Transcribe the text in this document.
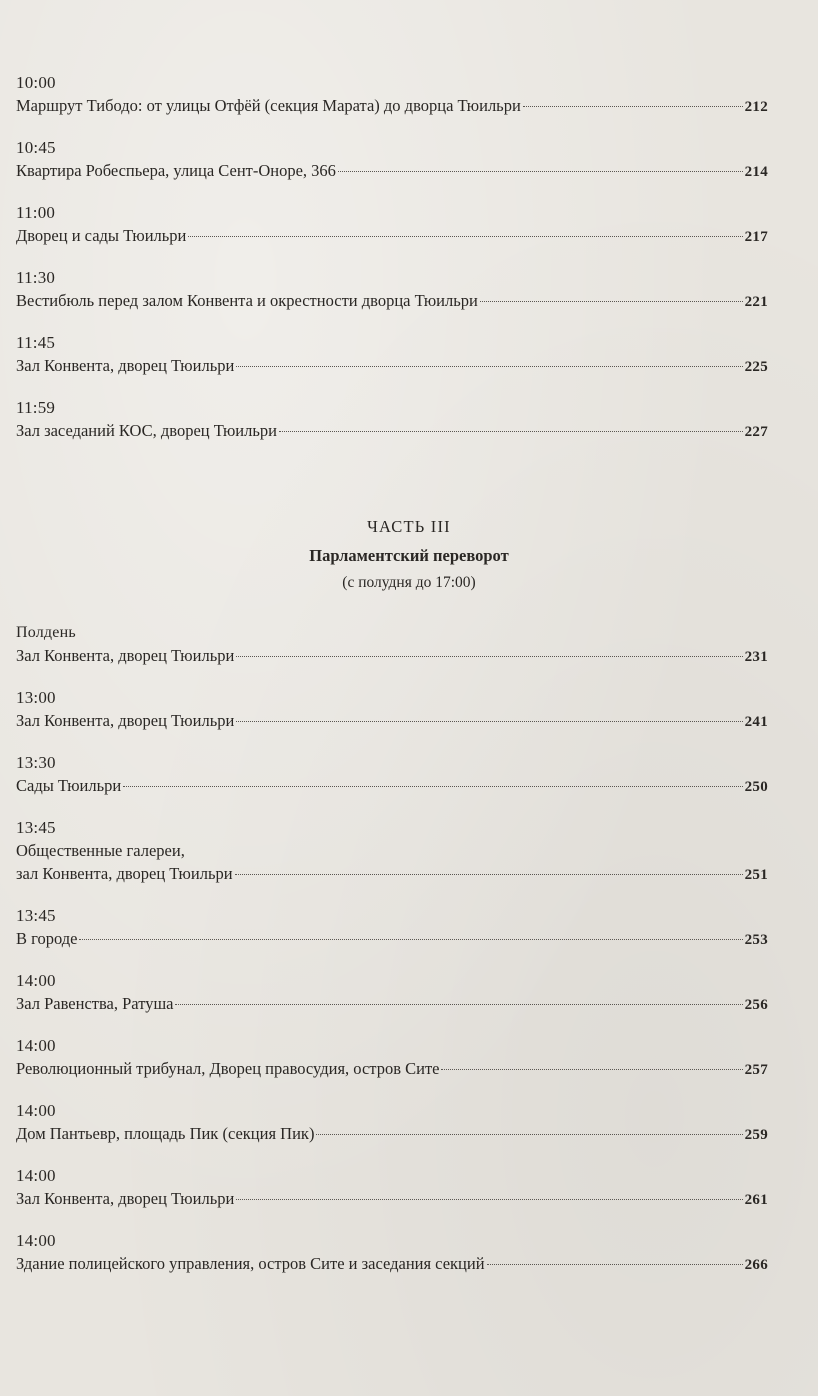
10:00
Маршрут Тибодо: от улицы Отфёй (секция Марата) до дворца Тюильри	212
10:45
Квартира Робеспьера, улица Сент-Оноре, 366	214
11:00
Дворец и сады Тюильри	217
11:30
Вестибюль перед залом Конвента и окрестности дворца Тюильри	221
11:45
Зал Конвента, дворец Тюильри	225
11:59
Зал заседаний КОС, дворец Тюильри	227
ЧАСТЬ III
Парламентский переворот
(с полудня до 17:00)
Полдень
Зал Конвента, дворец Тюильри	231
13:00
Зал Конвента, дворец Тюильри	241
13:30
Сады Тюильри	250
13:45
Общественные галереи,
зал Конвента, дворец Тюильри	251
13:45
В городе	253
14:00
Зал Равенства, Ратуша	256
14:00
Революционный трибунал, Дворец правосудия, остров Сите	257
14:00
Дом Пантьевр, площадь Пик (секция Пик)	259
14:00
Зал Конвента, дворец Тюильри	261
14:00
Здание полицейского управления, остров Сите и заседания секций	266
